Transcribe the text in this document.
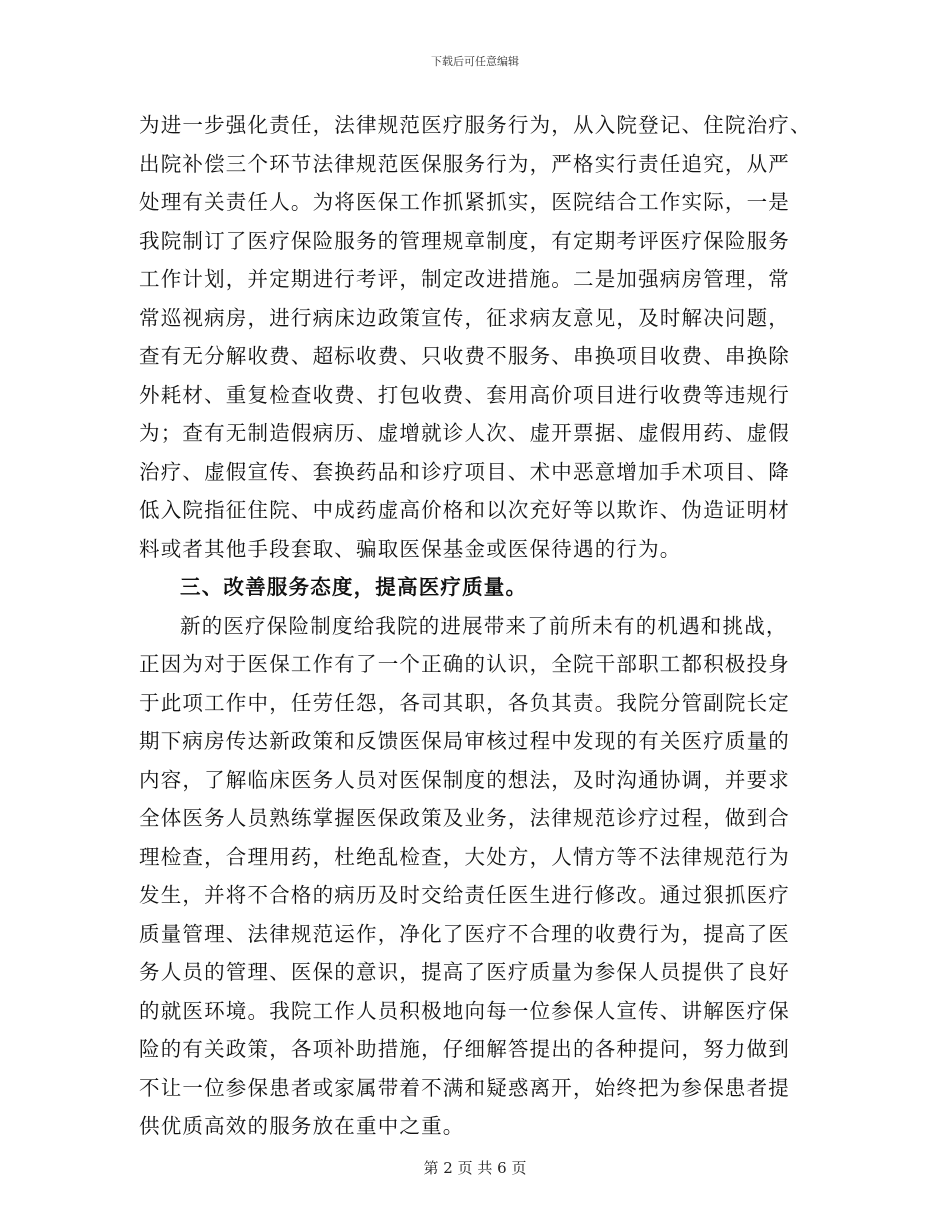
下载后可任意编辑
为进一步强化责任，法律规范医疗服务行为，从入院登记、住院治疗、
出院补偿三个环节法律规范医保服务行为，严格实行责任追究，从严
处理有关责任人。为将医保工作抓紧抓实，医院结合工作实际，一是
我院制订了医疗保险服务的管理规章制度，有定期考评医疗保险服务
工作计划，并定期进行考评，制定改进措施。二是加强病房管理，常
常巡视病房，进行病床边政策宣传，征求病友意见，及时解决问题，
查有无分解收费、超标收费、只收费不服务、串换项目收费、串换除
外耗材、重复检查收费、打包收费、套用高价项目进行收费等违规行
为；查有无制造假病历、虚增就诊人次、虚开票据、虚假用药、虚假
治疗、虚假宣传、套换药品和诊疗项目、术中恶意增加手术项目、降
低入院指征住院、中成药虚高价格和以次充好等以欺诈、伪造证明材
料或者其他手段套取、骗取医保基金或医保待遇的行为。
三、改善服务态度，提高医疗质量。
新的医疗保险制度给我院的进展带来了前所未有的机遇和挑战，
正因为对于医保工作有了一个正确的认识，全院干部职工都积极投身
于此项工作中，任劳任怨，各司其职，各负其责。我院分管副院长定
期下病房传达新政策和反馈医保局审核过程中发现的有关医疗质量的
内容，了解临床医务人员对医保制度的想法，及时沟通协调，并要求
全体医务人员熟练掌握医保政策及业务，法律规范诊疗过程，做到合
理检查，合理用药，杜绝乱检查，大处方，人情方等不法律规范行为
发生，并将不合格的病历及时交给责任医生进行修改。通过狠抓医疗
质量管理、法律规范运作，净化了医疗不合理的收费行为，提高了医
务人员的管理、医保的意识，提高了医疗质量为参保人员提供了良好
的就医环境。我院工作人员积极地向每一位参保人宣传、讲解医疗保
险的有关政策，各项补助措施，仔细解答提出的各种提问，努力做到
不让一位参保患者或家属带着不满和疑惑离开，始终把为参保患者提
供优质高效的服务放在重中之重。
第 2 页 共 6 页
